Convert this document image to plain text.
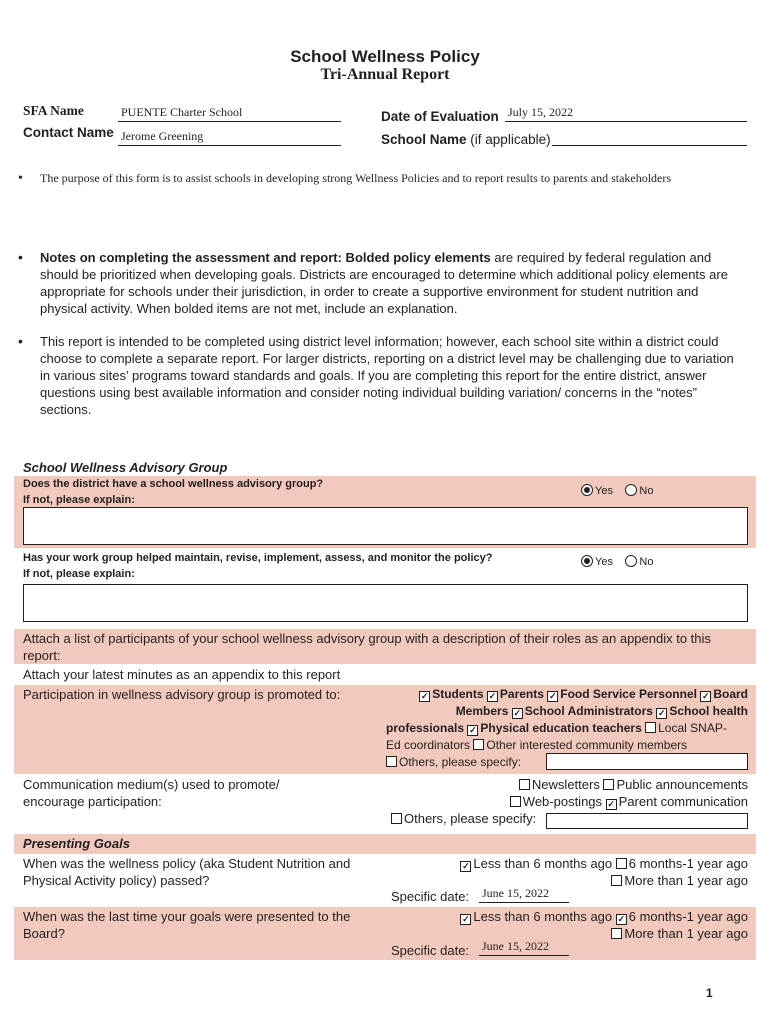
School Wellness Policy
Tri-Annual Report
SFA Name	PUENTE Charter School
Contact Name Jerome Greening
Date of Evaluation July 15, 2022
School Name (if applicable)
• The purpose of this form is to assist schools in developing strong Wellness Policies and to report results to parents and stakeholders
• Notes on completing the assessment and report: Bolded policy elements are required by federal regulation and should be prioritized when developing goals. Districts are encouraged to determine which additional policy elements are appropriate for schools under their jurisdiction, in order to create a supportive environment for student nutrition and physical activity. When bolded items are not met, include an explanation.
• This report is intended to be completed using district level information; however, each school site within a district could choose to complete a separate report. For larger districts, reporting on a district level may be challenging due to variation in various sites’ programs toward standards and goals. If you are completing this report for the entire district, answer questions using best available information and consider noting individual building variation/ concerns in the “notes” sections.
School Wellness Advisory Group
Does the district have a school wellness advisory group?
If not, please explain:
Yes No
Has your work group helped maintain, revise, implement, assess, and monitor the policy?
If not, please explain:
Yes No
Attach a list of participants of your school wellness advisory group with a description of their roles as an appendix to this report:
Attach your latest minutes as an appendix to this report
Participation in wellness advisory group is promoted to:	✓ Students ✓ Parents ✓ Food Service Personnel ✓ Board
Members ✓ School Administrators ✓ School health
professionals ✓ Physical education teachers Local SNAP-
Ed coordinators Other interested community members
Others, please specify:
Communication medium(s) used to promote/ encourage participation:
Newsletters Public announcements
Web-postings ✓ Parent communication
Others, please specify:
Presenting Goals
When was the wellness policy (aka Student Nutrition and Physical Activity policy) passed?
✓ Less than 6 months ago 6 months-1 year ago
More than 1 year ago
Specific date: June 15, 2022
When was the last time your goals were presented to the Board?
✓ Less than 6 months ago ✓ 6 months-1 year ago
More than 1 year ago
Specific date: June 15, 2022
1
